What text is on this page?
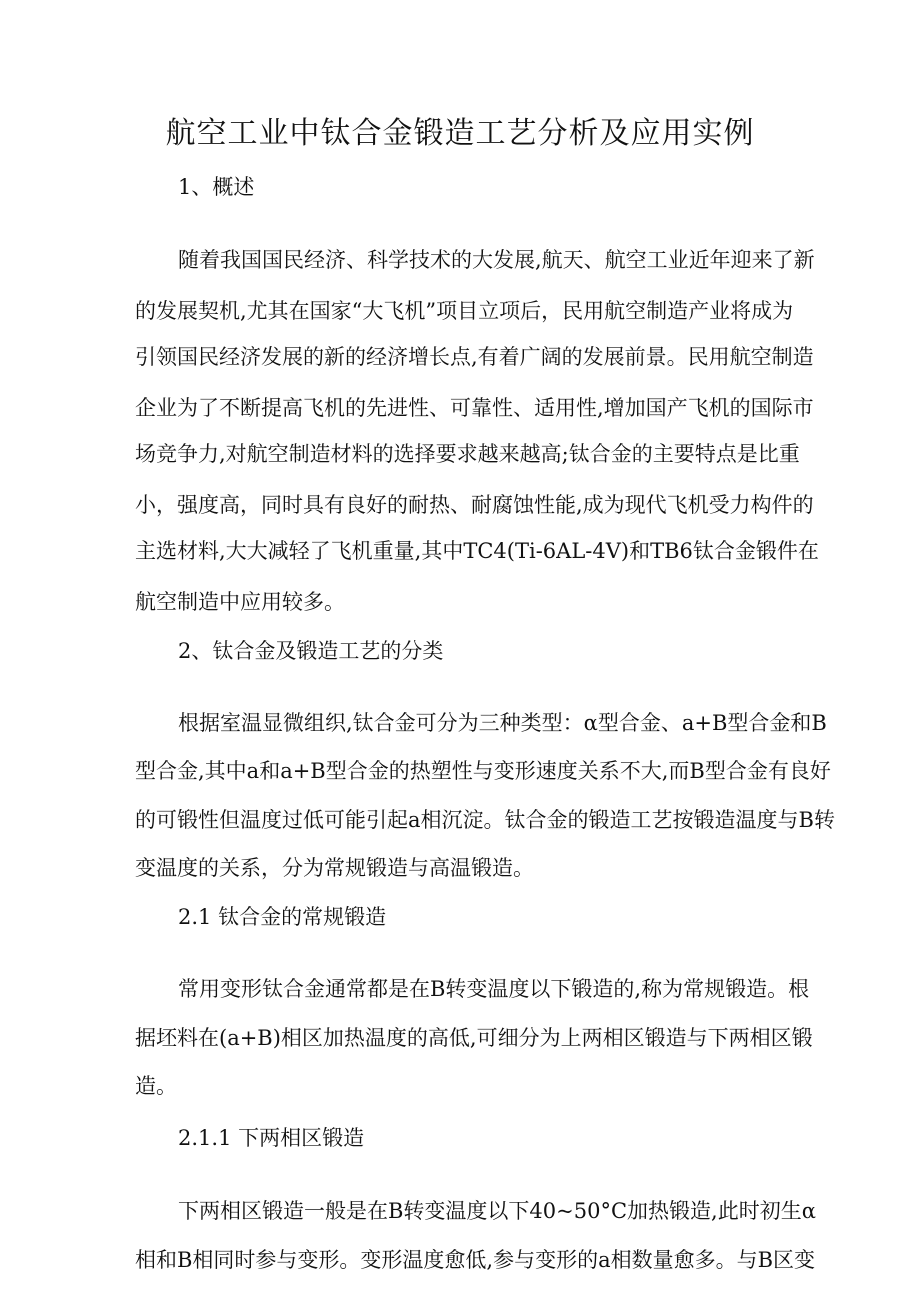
航空工业中钛合金锻造工艺分析及应用实例
1、概述
随着我国国民经济、科学技术的大发展,航天、航空工业近年迎来了新
的发展契机,尤其在国家“大飞机”项目立项后，民用航空制造产业将成为
引领国民经济发展的新的经济增长点,有着广阔的发展前景。民用航空制造
企业为了不断提高飞机的先进性、可靠性、适用性,增加国产飞机的国际市
场竞争力,对航空制造材料的选择要求越来越高;钛合金的主要特点是比重
小，强度高，同时具有良好的耐热、耐腐蚀性能,成为现代飞机受力构件的
主选材料,大大减轻了飞机重量,其中TC4(Ti-6AL-4V)和TB6钛合金锻件在
航空制造中应用较多。
2、钛合金及锻造工艺的分类
根据室温显微组织,钛合金可分为三种类型：α型合金、a+B型合金和B
型合金,其中a和a+B型合金的热塑性与变形速度关系不大,而B型合金有良好
的可锻性但温度过低可能引起a相沉淀。钛合金的锻造工艺按锻造温度与B转
变温度的关系，分为常规锻造与高温锻造。
2.1 钛合金的常规锻造
常用变形钛合金通常都是在B转变温度以下锻造的,称为常规锻造。根
据坯料在(a+B)相区加热温度的高低,可细分为上两相区锻造与下两相区锻
造。
2.1.1 下两相区锻造
下两相区锻造一般是在B转变温度以下40~50°C加热锻造,此时初生α
相和B相同时参与变形。变形温度愈低,参与变形的a相数量愈多。与B区变
